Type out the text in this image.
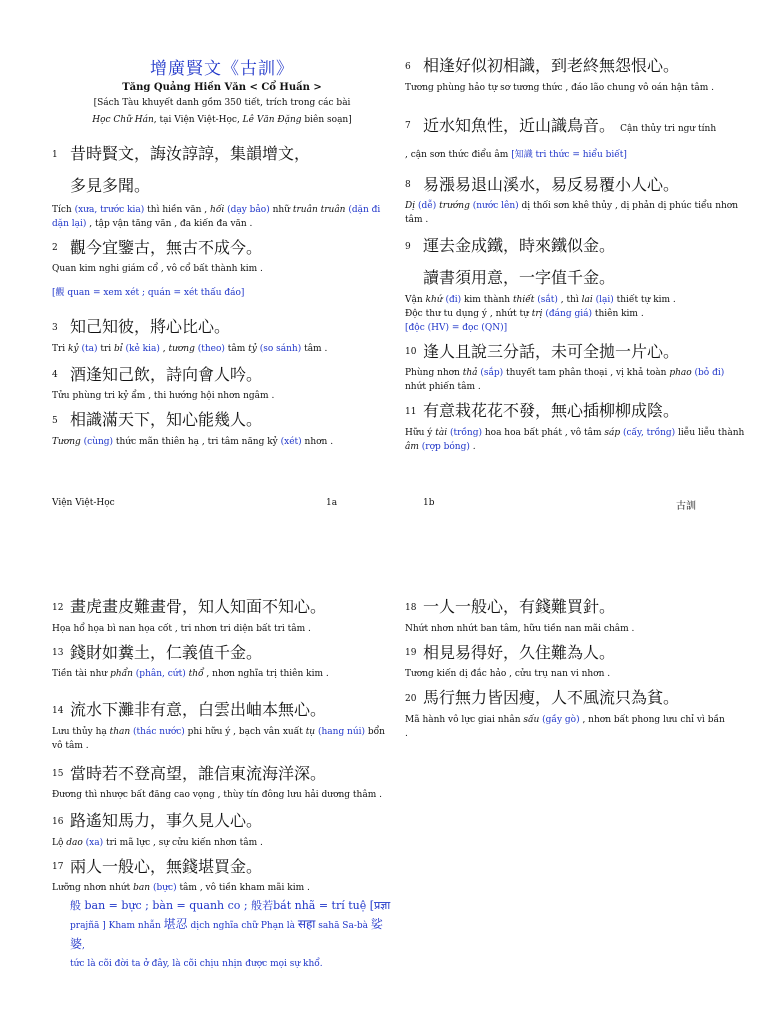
增廣賢文《古訓》
Tăng Quảng Hiền Văn < Cổ Huấn >
[Sách Tàu khuyết danh gồm 350 tiết, trích trong các bài
Học Chữ Hán, tại Viện Việt-Học, Lê Văn Đặng biên soạn]
1 昔時賢文，誨汝諄諄，集韻增文，
多見多聞。
Tích (xưa, trước kia) thì hiền văn , hối (dạy bảo) nhữ truân truân (dặn đi dặn lại) , tập vận tăng văn , đa kiến đa văn .
2 觀今宜鑒古，無古不成今。
Quan kim nghi giám cổ , vô cổ bất thành kim .
[觀 quan = xem xét ; quán = xét thấu đáo]
3 知己知彼，將心比心。
Tri kỷ (ta) tri bỉ (kẻ kia) , tương (theo) tâm tỷ (so sánh) tâm .
4 酒逢知己飲，詩向會人吟。
Tửu phùng tri kỷ ẩm , thi hướng hội nhơn ngâm .
5 相識滿天下，知心能幾人。
Tương (cùng) thức mãn thiên hạ , tri tâm năng kỷ (xét) nhơn .
Viện Việt-Học	1a
6 相逢好似初相識，到老終無怨恨心。
Tương phùng hảo tự sơ tương thức , đáo lão chung vô oán hận tâm .
7 近水知魚性，近山識鳥音。 Cận thủy tri ngư tính
, cận sơn thức điểu âm [知識 tri thức = hiểu biết]
8 易漲易退山溪水，易反易覆小人心。
Dị (dễ) trướng (nước lên) dị thối sơn khê thủy , dị phản dị phúc tiểu nhơn tâm .
9 運去金成鐵，時來鐵似金。
讀書須用意，一字值千金。
Vận khứ (đi) kim thành thiết (sắt) , thì lai (lại) thiết tự kim .
Độc thư tu dụng ý , nhứt tự trị (đáng giá) thiên kim .
[độc (HV) = đọc (QN)]
10 逢人且說三分話，未可全拋一片心。
Phùng nhơn thả (sắp) thuyết tam phân thoại , vị khả toàn phao (bỏ đi) nhứt phiến tâm .
11 有意栽花花不發，無心插柳柳成陰。
Hữu ý tài (trồng) hoa hoa bất phát , vô tâm sáp (cấy, trồng) liễu liễu thành âm (rợp bóng) .
1b	古訓
12 畫虎畫皮難畫骨，知人知面不知心。
Họa hổ họa bì nan họa cốt , tri nhơn tri diện bất tri tâm .
13 錢財如糞土，仁義值千金。
Tiền tài như phẩn (phân, cứt) thổ , nhơn nghĩa trị thiên kim .
14 流水下灘非有意，白雲出岫本無心。
Lưu thủy hạ than (thác nước) phi hữu ý , bạch vân xuất tụ (hang núi) bổn vô tâm .
15 當時若不登高望，誰信東流海洋深。
Đương thì nhược bất đăng cao vọng , thùy tín đông lưu hải dương thâm .
16 路遙知馬力，事久見人心。
Lộ dao (xa) tri mã lực , sự cửu kiến nhơn tâm .
17 兩人一般心，無錢堪買金。
Lưỡng nhơn nhứt ban (bực) tâm , vô tiền kham mãi kim .
般 ban = bực ; bàn = quanh co ; 般若bát nhã = trí tuệ [प्रज्ञा
prajñā ] Kham nhẫn 堪忍 dịch nghĩa chữ Phạn là सहा sahā Sa-bà 娑婆,
tức là cõi đời ta ở đây, là cõi chịu nhịn được mọi sự khổ.
18 一人一般心，有錢難買針。
Nhứt nhơn nhứt ban tâm, hữu tiền nan mãi châm .
19 相見易得好，久住難為人。
Tương kiến dị đắc hảo , cửu trụ nan vi nhơn .
20 馬行無力皆因瘦，人不風流只為貧。
Mã hành vô lực giai nhân sấu (gầy gò) , nhơn bất phong lưu chỉ vì bần
.
